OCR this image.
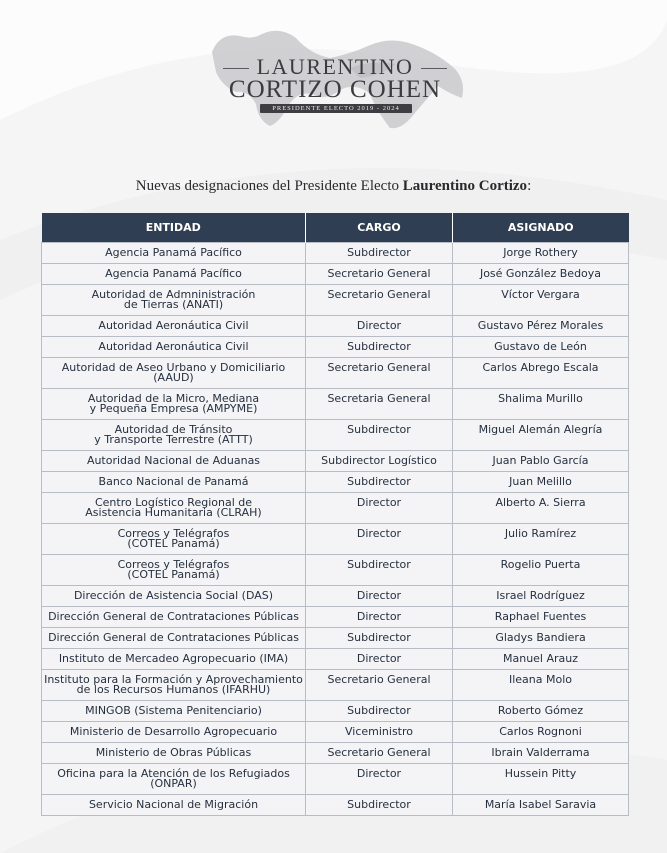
LAURENTINO
CORTIZO COHEN
PRESIDENTE ELECTO 2019 - 2024
Nuevas designaciones del Presidente Electo Laurentino Cortizo:
ENTIDAD	CARGO	ASIGNADO

Agencia Panamá Pacífico	Subdirector	Jorge Rothery

Agencia Panamá Pacífico	Secretario General	José González Bedoya

Autoridad de Admninistración
de Tierras (ANATI)	Secretario General	Víctor Vergara

Autoridad Aeronáutica Civil	Director	Gustavo Pérez Morales

Autoridad Aeronáutica Civil	Subdirector	Gustavo de León

Autoridad de Aseo Urbano y Domiciliario
(AAUD)	Secretario General	Carlos Abrego Escala

Autoridad de la Micro, Mediana
y Pequeña Empresa (AMPYME)	Secretaria General	Shalima Murillo

Autoridad de Tránsito
y Transporte Terrestre (ATTT)	Subdirector	Miguel Alemán Alegría

Autoridad Nacional de Aduanas	Subdirector Logístico	Juan Pablo García

Banco Nacional de Panamá	Subdirector	Juan Melillo

Centro Logístico Regional de
Asistencia Humanitaria (CLRAH)	Director	Alberto A. Sierra

Correos y Telégrafos
(COTEL Panamá)	Director	Julio Ramírez

Correos y Telégrafos
(COTEL Panamá)	Subdirector	Rogelio Puerta

Dirección de Asistencia Social (DAS)	Director	Israel Rodríguez

Dirección General de Contrataciones Públicas	Director	Raphael Fuentes

Dirección General de Contrataciones Públicas	Subdirector	Gladys Bandiera

Instituto de Mercadeo Agropecuario (IMA)	Director	Manuel Arauz

Instituto para la Formación y Aprovechamiento
de los Recursos Humanos (IFARHU)	Secretario General	Ileana Molo

MINGOB (Sistema Penitenciario)	Subdirector	Roberto Gómez

Ministerio de Desarrollo Agropecuario	Viceministro	Carlos Rognoni

Ministerio de Obras Públicas	Secretario General	Ibrain Valderrama

Oficina para la Atención de los Refugiados
(ONPAR)	Director	Hussein Pitty

Servicio Nacional de Migración	Subdirector	María Isabel Saravia
